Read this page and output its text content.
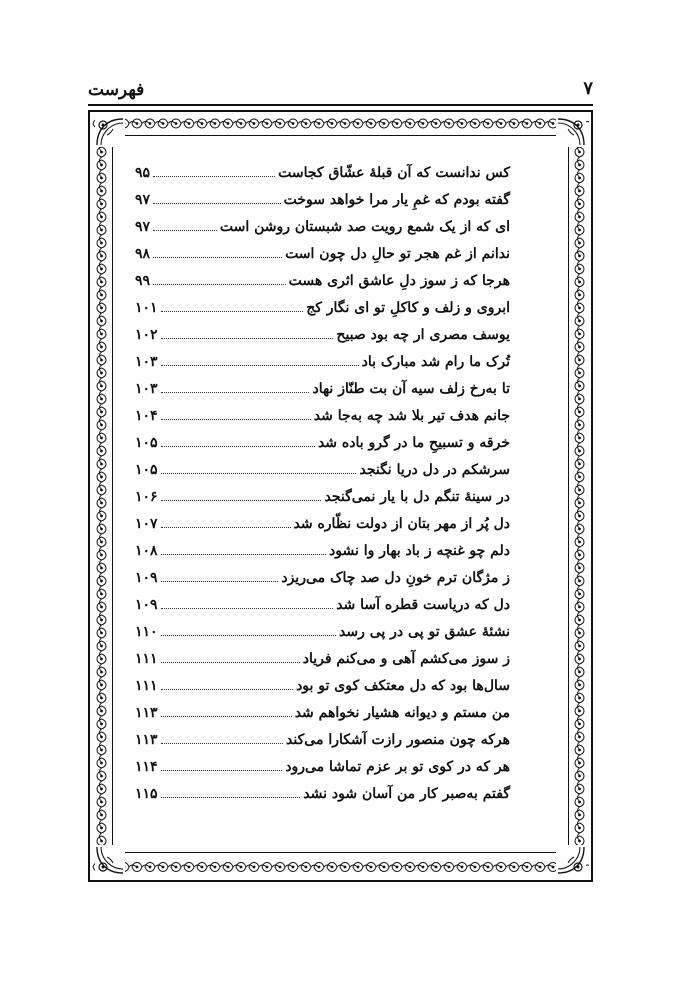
فهرست	۷
کس ندانست که آن قبلهٔ عشّاق کجاست
۹۵
گفته بودم که غمِ یار مرا خواهد سوخت
۹۷
ای که از یک شمع رویت صد شبستان روشن است
۹۷
ندانم از غم هجر تو حالِ دل چون است
۹۸
هرجا که ز سوز دلِ عاشق اثری هست
۹۹
ابروی و زلف و کاکلِ تو ای نگار کج
۱۰۱
یوسف مصری ار چه بود صبیح
۱۰۲
تُرک ما رام شد مبارک باد
۱۰۳
تا به‌رخ زلف سیه آن بت طنّاز نهاد
۱۰۳
جانم هدف تیر بلا شد چه به‌جا شد
۱۰۴
خرقه و تسبیحِ ما در گرو باده شد
۱۰۵
سرشکم در دل دریا نگنجد
۱۰۵
در سینهٔ تنگم دل با یار نمی‌گنجد
۱۰۶
دل پُر از مهر بتان از دولت نظّاره شد
۱۰۷
دلم چو غنچه ز باد بهار وا نشود
۱۰۸
ز مژگان ترم خونِ دل صد چاک می‌ریزد
۱۰۹
دل که دریاست قطره آسا شد
۱۰۹
نشئهٔ عشق تو پی در پی رسد
۱۱۰
ز سوز می‌کشم آهی و می‌کنم فریاد
۱۱۱
سال‌ها بود که دل معتکف کوی تو بود
۱۱۱
من مستم و دیوانه هشیار نخواهم شد
۱۱۳
هرکه چون منصور رازت آشکارا می‌کند
۱۱۳
هر که در کوی تو بر عزم تماشا می‌رود
۱۱۴
گفتم به‌صبر کار من آسان شود نشد
۱۱۵
